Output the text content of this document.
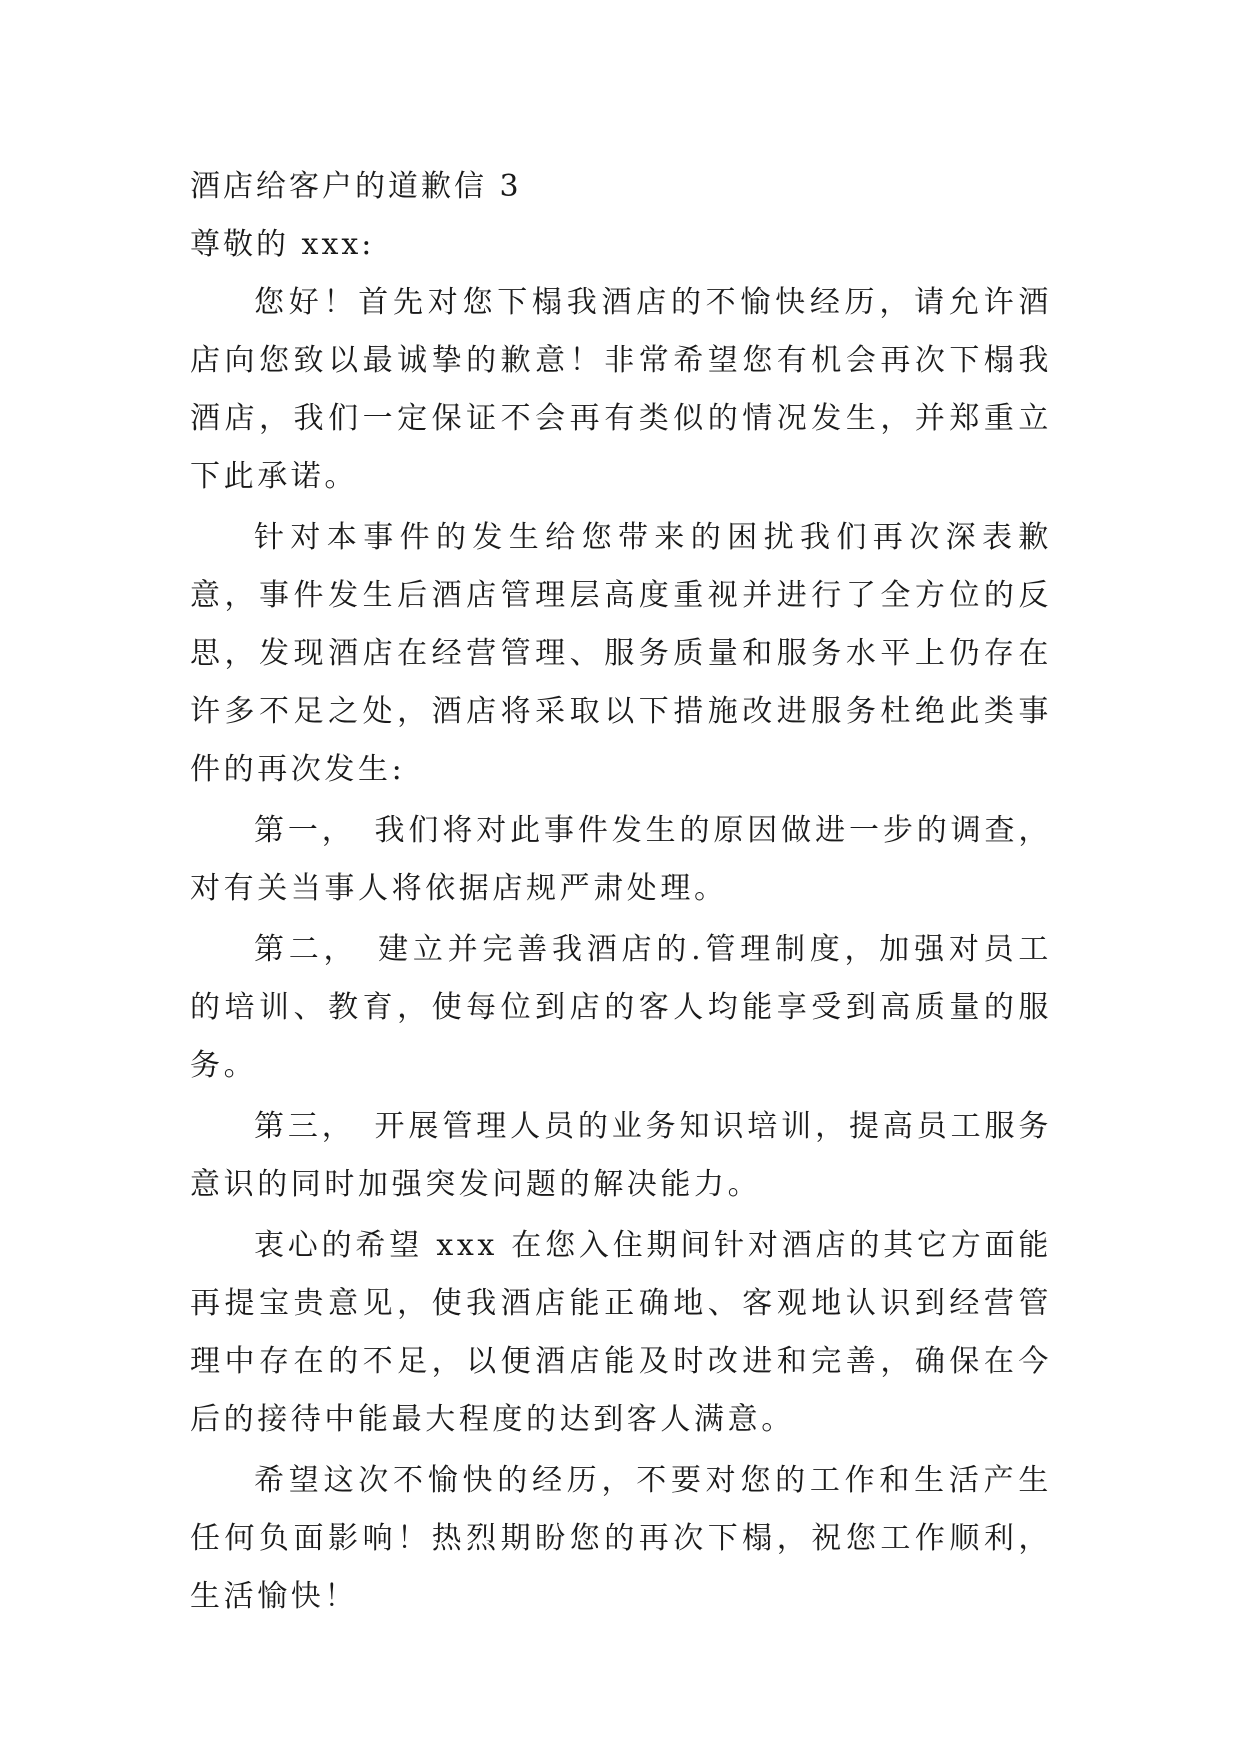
酒店给客户的道歉信 3

尊敬的 xxx:

您好！首先对您下榻我酒店的不愉快经历，请允许酒店向您致以最诚挚的歉意！非常希望您有机会再次下榻我酒店，我们一定保证不会再有类似的情况发生，并郑重立下此承诺。

针对本事件的发生给您带来的困扰我们再次深表歉意，事件发生后酒店管理层高度重视并进行了全方位的反思，发现酒店在经营管理、服务质量和服务水平上仍存在许多不足之处，酒店将采取以下措施改进服务杜绝此类事件的再次发生:

第一，　我们将对此事件发生的原因做进一步的调查，对有关当事人将依据店规严肃处理。

第二，　建立并完善我酒店的.管理制度，加强对员工的培训、教育，使每位到店的客人均能享受到高质量的服务。

第三，　开展管理人员的业务知识培训，提高员工服务意识的同时加强突发问题的解决能力。

衷心的希望 xxx 在您入住期间针对酒店的其它方面能再提宝贵意见，使我酒店能正确地、客观地认识到经营管理中存在的不足，以便酒店能及时改进和完善，确保在今后的接待中能最大程度的达到客人满意。

希望这次不愉快的经历，不要对您的工作和生活产生任何负面影响！热烈期盼您的再次下榻，祝您工作顺利，生活愉快！
